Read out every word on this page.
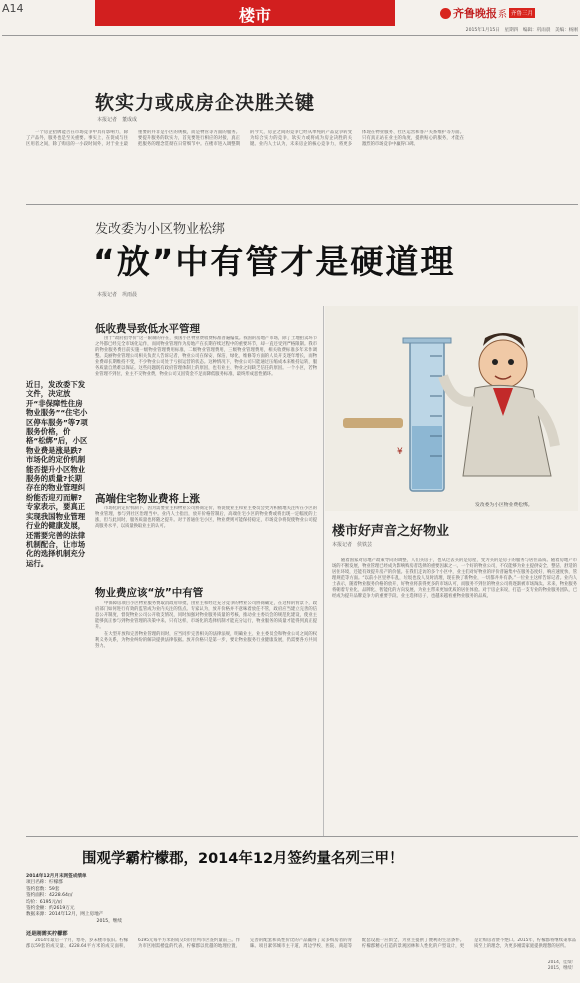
A14	楼市	齐鲁晚报 系 齐鲁三月
2015年1月15日　星期四　编辑：巩雨晨　美编：杨刚
软实力或成房企决胜关键
本报记者　董成成

一个房企招牌能否在市场竞争中具有影响力，除了产品外，服务也是至关重要。事实上，在促成与住区用者之间，除了购房的一小段时间外，对于业主最重要的并非是小区的规模，而是物管等方面的服务。要提升服务的软实力，首先要进行相应的对接，真正把服务的理念贯彻在日常细节中。在楼市进入调整期的今天，房企之间的竞争已经从单纯的产品竞争转变为综合实力的竞争，软实力或将成为房企决胜的关键。业内人士认为，未来房企的核心竞争力，将更多体现在物业服务、社区运营和客户关系维护等方面。只有真正站在业主的角度，提供贴心的服务，才能在激烈的市场竞争中赢得口碑。

发改委为小区物业松绑
“放”中有管才是硬道理
本报记者　巩雨晨
近日，发改委下发文件，决定放开“非保障性住房物业服务”“住宅小区停车服务”等7项服务价格，价格“松绑”后，小区物业费是涨是跌?市场化的定价机制能否提升小区物业服务的质量?长期存在的物业管理纠纷能否迎刃而解?专家表示，要真正实现我国物业管理行业的健康发展，还需要完善的法律机制配合，让市场化的选择机制充分运行。
低收费导致低水平管理

由于“政府指导价”这一限制的存在，我国小区物业费收费标准普遍偏低。我国的房地产市场，除了土地拍卖环节之外都已经完全市场化运作，而同物业管理作为房地产在长期存续过程中的重要环节，却一直还受到严格限制。我市的物业服务费目前实施一级物业管理费用标准，二级物业管理费用，三级物业管理费用，相关收费标准多年未作调整。美丽物业管理公司相关负责人告诉记者，物业公司在保安、保洁、绿化、维修等方面的人员开支逐年增长，而物业费却长期维持不变，不少物业公司处于亏损运营的状态。这种情况下，物业公司只能通过压缩成本来维持运转，服务质量自然难以保证。这些问题既有政府管理体制上的原因，也有业主、物业之间缺乏信任的原因。一个小区，若物业管理不到位，业主不交物业费，物业公司又因资金不足而降低服务标准，最终形成恶性循环。

高端住宅物业费将上涨

市场化的定价机制下，因为需要业主和物业公司协商定价，将促使业主和业主委员会更为积极地关注所在小区的物业管理，参与到社区治理当中。业内人士指出，放开价格管制后，高端住宅小区的物业费或将出现一定幅度的上涨，但与此同时，服务质量也将随之提升。对于普通住宅小区，物业费则可能保持稳定，市场竞争将促使物业公司提高服务水平，以质量换取业主的认可。

物业费应该“放”中有管

中保障房项目小区物业服务费取消政府审批，由业主和经过充分竞争的物业公司协商确定，在这样的背景下，政府部门如何进行有效的监管成为业内关注的焦点。专家认为，放开价格并不意味着放任不管，政府应当建立完善的信息公开制度，督促物业公司公开收支情况，同时加强对物业服务质量的考核，推动业主委员会的规范化建设，使业主能够真正参与到物业管理的决策中来。只有这样，市场化的选择机制才能充分运行，物业服务的质量才能得到真正提升。

在大型开放和完善物业管理的同时，应当同步完善相关的法律法规，明确业主、业主委员会和物业公司之间的权利义务关系，为物业纠纷的解决提供法律依据。放开价格只是第一步，要让物业服务行业健康发展，仍需要各方共同努力。

¥
发改委为小区物业费松绑。
楼市好声音之好物业
本报记者　侯铁芸

随着国家对房地产政策导向的调整，人们买房子，也从过去买的是房屋，变为买的是房子的服务与居住品质。随着房地产市场的不断发展，物业管理已经成为影响购房者选择的重要因素之一。一个好的物业公司，不仅能够为业主提供安全、整洁、舒适的居住环境，还能有效提升房产的价值。在我们走访的多个小区中，业主们对好物业的评价普遍集中在服务态度好、响应速度快、管理规范等方面。“以前小区里停车乱，垃圾也没人及时清理，现在换了新物业，一切都井井有条。”一位业主这样告诉记者。业内人士表示，随着物业服务价格的放开，好物业将获得更多的市场认可，而服务不到位的物业公司将逐渐被市场淘汰。未来，物业服务将朝着专业化、品牌化、智能化的方向发展，为业主带来更加优质的居住体验。对于房企来说，打造一支专业的物业服务团队，已经成为提升品牌竞争力的重要手段。业主选择房子，也越来越看重物业服务的品质。

围观学霸柠檬郡，2014年12月签约量名列三甲！
2014年12月月末网签成绩单
项目名称：柠檬郡
签约套数：59套
签约面积：4228.64㎡
均价：6195元/㎡
签约金额：约2619万元
数据来源：2014年12月，网上房地产
2015，继续
还是刚需买柠檬郡

2014年最后一个月，寒冬，岁末楼市依旧。柠檬郡以59套的成交量、4228.64平方米的成交面积、6195元每平方米的成交均价位列市区签约量前三。作为市区刚需楼盘的代表，柠檬郡以优越的地理位置、完善的配套和高性价比的产品赢得了众多购房者的青睐。项目紧邻城市主干道，周边学校、医院、商超等配套设施一应俱全，为业主提供了便利的生活条件。柠檬郡精心打造的景观园林和人性化的户型设计，更是让购房者赞不绝口。2015年，柠檬郡将继续秉承品质至上的理念，为更多刚需家庭提供理想的居所。

2014，佳绩！
2015，继续！
